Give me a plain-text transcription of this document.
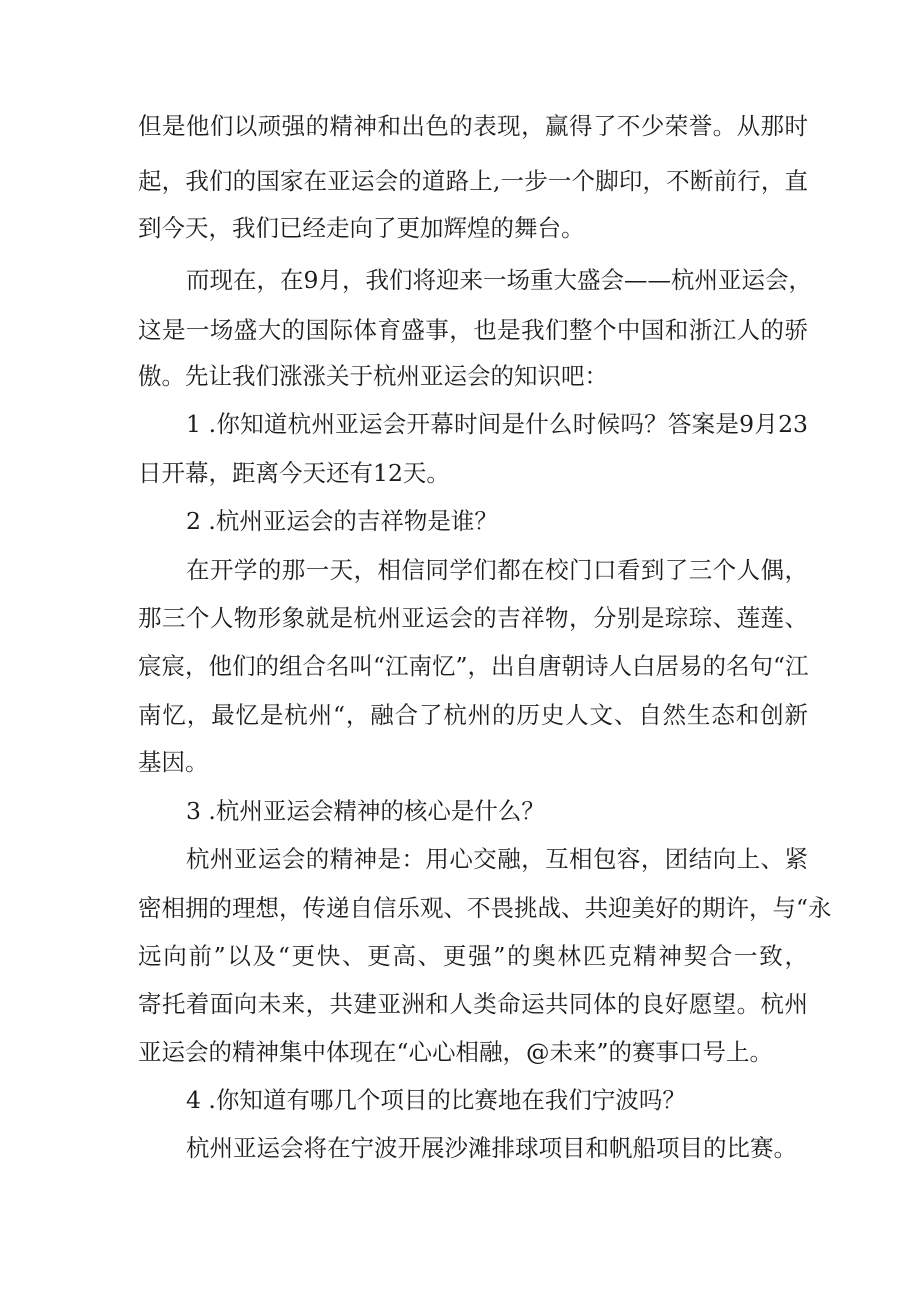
但是他们以顽强的精神和出色的表现，赢得了不少荣誉。从那时
起，我们的国家在亚运会的道路上,一步一个脚印，不断前行，直
到今天，我们已经走向了更加辉煌的舞台。
而现在，在9月，我们将迎来一场重大盛会——杭州亚运会，
这是一场盛大的国际体育盛事，也是我们整个中国和浙江人的骄
傲。先让我们涨涨关于杭州亚运会的知识吧：
1 .你知道杭州亚运会开幕时间是什么时候吗？答案是9月23
日开幕，距离今天还有12天。
2 .杭州亚运会的吉祥物是谁？
在开学的那一天，相信同学们都在校门口看到了三个人偶，
那三个人物形象就是杭州亚运会的吉祥物，分别是琮琮、莲莲、
宸宸，他们的组合名叫“江南忆”，出自唐朝诗人白居易的名句“江
南忆，最忆是杭州“，融合了杭州的历史人文、自然生态和创新
基因。
3 .杭州亚运会精神的核心是什么？
杭州亚运会的精神是：用心交融，互相包容，团结向上、紧
密相拥的理想，传递自信乐观、不畏挑战、共迎美好的期许，与“永
远向前”以及“更快、更高、更强”的奥林匹克精神契合一致，
寄托着面向未来，共建亚洲和人类命运共同体的良好愿望。杭州
亚运会的精神集中体现在“心心相融，@未来”的赛事口号上。
4 .你知道有哪几个项目的比赛地在我们宁波吗？
杭州亚运会将在宁波开展沙滩排球项目和帆船项目的比赛。
